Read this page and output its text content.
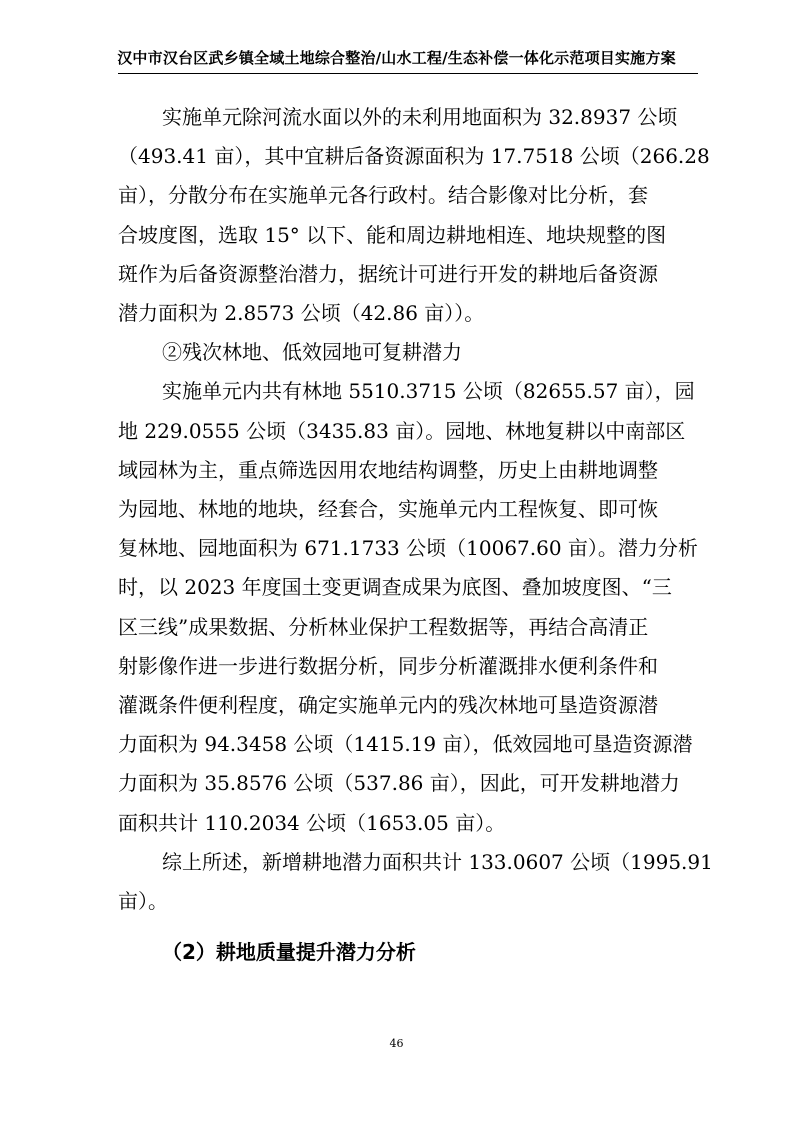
汉中市汉台区武乡镇全域土地综合整治/山水工程/生态补偿一体化示范项目实施方案
实施单元除河流水面以外的未利用地面积为 32.8937 公顷
（493.41 亩），其中宜耕后备资源面积为 17.7518 公顷（266.28
亩），分散分布在实施单元各行政村。结合影像对比分析，套
合坡度图，选取 15° 以下、能和周边耕地相连、地块规整的图
斑作为后备资源整治潜力，据统计可进行开发的耕地后备资源
潜力面积为 2.8573 公顷（42.86 亩））。
②残次林地、低效园地可复耕潜力
实施单元内共有林地 5510.3715 公顷（82655.57 亩），园
地 229.0555 公顷（3435.83 亩）。园地、林地复耕以中南部区
域园林为主，重点筛选因用农地结构调整，历史上由耕地调整
为园地、林地的地块，经套合，实施单元内工程恢复、即可恢
复林地、园地面积为 671.1733 公顷（10067.60 亩）。潜力分析
时，以 2023 年度国土变更调查成果为底图、叠加坡度图、“三
区三线”成果数据、分析林业保护工程数据等，再结合高清正
射影像作进一步进行数据分析，同步分析灌溉排水便利条件和
灌溉条件便利程度，确定实施单元内的残次林地可垦造资源潜
力面积为 94.3458 公顷（1415.19 亩），低效园地可垦造资源潜
力面积为 35.8576 公顷（537.86 亩），因此，可开发耕地潜力
面积共计 110.2034 公顷（1653.05 亩）。
综上所述，新增耕地潜力面积共计 133.0607 公顷（1995.91
亩）。
（2）耕地质量提升潜力分析
46
